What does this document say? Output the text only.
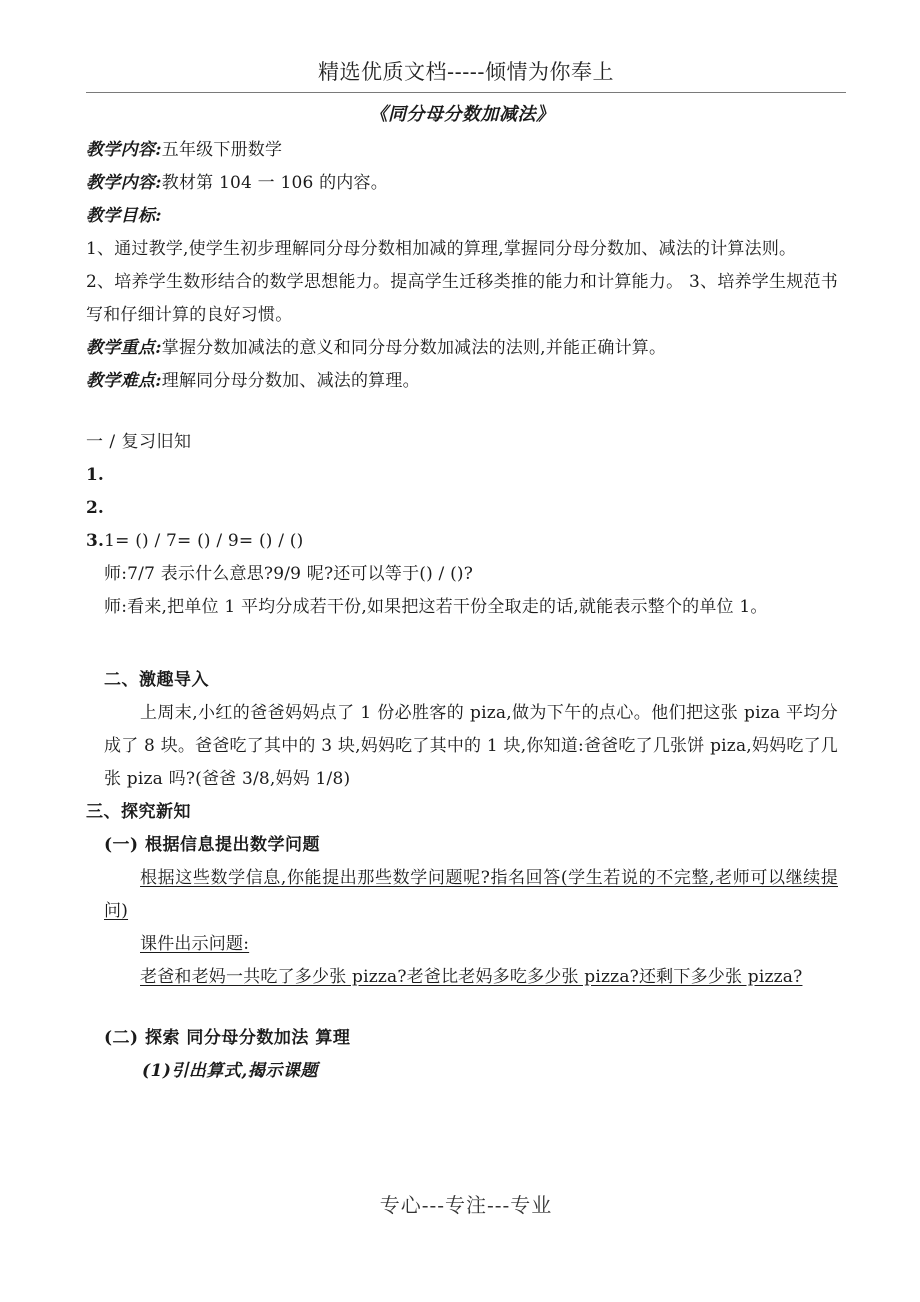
精选优质文档-----倾情为你奉上

《同分母分数加减法》

教学内容:五年级下册数学

教学内容:教材第 104 一 106 的内容。

教学目标:

1、通过教学,使学生初步理解同分母分数相加减的算理,掌握同分母分数加、减法的计算法则。

2、培养学生数形结合的数学思想能力。提高学生迁移类推的能力和计算能力。 3、培养学生规范书写和仔细计算的良好习惯。

教学重点:掌握分数加减法的意义和同分母分数加减法的法则,并能正确计算。

教学难点:理解同分母分数加、减法的算理。

一 / 复习旧知

1.

2.

3.1= () / 7= () / 9= () / ()

师:7/7 表示什么意思?9/9 呢?还可以等于() / ()?

师:看来,把单位 1 平均分成若干份,如果把这若干份全取走的话,就能表示整个的单位 1。

二、激趣导入

上周末,小红的爸爸妈妈点了 1 份必胜客的 piza,做为下午的点心。他们把这张 piza 平均分成了 8 块。爸爸吃了其中的 3 块,妈妈吃了其中的 1 块,你知道:爸爸吃了几张饼 piza,妈妈吃了几张 piza 吗?(爸爸 3/8,妈妈 1/8)

三、探究新知

(一) 根据信息提出数学问题

根据这些数学信息,你能提出那些数学问题呢?指名回答(学生若说的不完整,老师可以继续提问)

课件出示问题:

老爸和老妈一共吃了多少张 pizza?老爸比老妈多吃多少张 pizza?还剩下多少张 pizza?

(二) 探索 同分母分数加法 算理

(1)引出算式,揭示课题

专心---专注---专业
